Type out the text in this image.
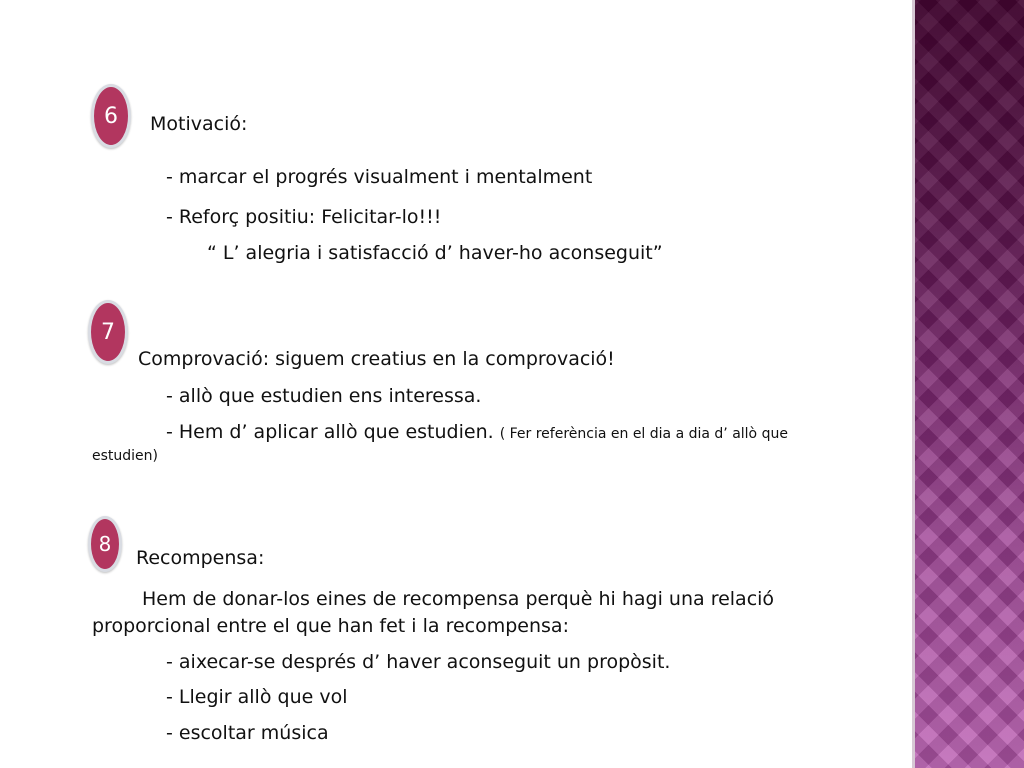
6	Motivació:
- marcar el progrés visualment i mentalment
- Reforç positiu: Felicitar-lo!!!
“ L’ alegria i satisfacció d’ haver-ho aconseguit”
7
Comprovació: siguem creatius en la comprovació!
- allò que estudien ens interessa.
- Hem d’ aplicar allò que estudien. ( Fer referència en el dia a dia d’ allò que
estudien)
8
Recompensa:
Hem de donar-los eines de recompensa perquè hi hagi una relació
proporcional entre el que han fet i la recompensa:
- aixecar-se després d’ haver aconseguit un propòsit.
- Llegir allò que vol
- escoltar música
